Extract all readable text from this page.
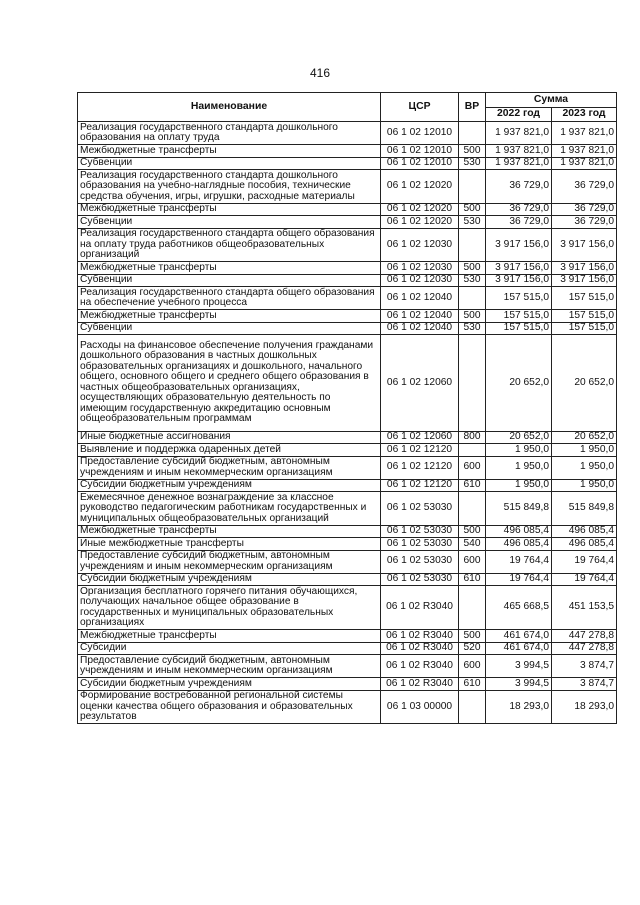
416
Наименование	ЦСР	ВР	Сумма	
			2022 год	2023 год
Реализация государственного стандарта дошкольного образования на оплату труда	06 1 02 12010		1 937 821,0	1 937 821,0
Межбюджетные трансферты	06 1 02 12010	500	1 937 821,0	1 937 821,0
Субвенции	06 1 02 12010	530	1 937 821,0	1 937 821,0
Реализация государственного стандарта дошкольного образования на учебно-наглядные пособия, технические средства обучения, игры, игрушки, расходные материалы	06 1 02 12020		36 729,0	36 729,0
Межбюджетные трансферты	06 1 02 12020	500	36 729,0	36 729,0
Субвенции	06 1 02 12020	530	36 729,0	36 729,0
Реализация государственного стандарта общего образования на оплату труда работников общеобразовательных организаций	06 1 02 12030		3 917 156,0	3 917 156,0
Межбюджетные трансферты	06 1 02 12030	500	3 917 156,0	3 917 156,0
Субвенции	06 1 02 12030	530	3 917 156,0	3 917 156,0
Реализация государственного стандарта общего образования на обеспечение учебного процесса	06 1 02 12040		157 515,0	157 515,0
Межбюджетные трансферты	06 1 02 12040	500	157 515,0	157 515,0
Субвенции	06 1 02 12040	530	157 515,0	157 515,0
Расходы на финансовое обеспечение получения гражданами дошкольного образования в частных дошкольных образовательных организациях и дошкольного, начального общего, основного общего и среднего общего образования в частных общеобразовательных организациях, осуществляющих образовательную деятельность по имеющим государственную аккредитацию основным общеобразовательным программам	06 1 02 12060		20 652,0	20 652,0
Иные бюджетные ассигнования	06 1 02 12060	800	20 652,0	20 652,0
Выявление и поддержка одаренных детей	06 1 02 12120		1 950,0	1 950,0
Предоставление субсидий бюджетным, автономным учреждениям и иным некоммерческим организациям	06 1 02 12120	600	1 950,0	1 950,0
Субсидии бюджетным учреждениям	06 1 02 12120	610	1 950,0	1 950,0
Ежемесячное денежное вознаграждение за классное руководство педагогическим работникам государственных и муниципальных общеобразовательных организаций	06 1 02 53030		515 849,8	515 849,8
Межбюджетные трансферты	06 1 02 53030	500	496 085,4	496 085,4
Иные межбюджетные трансферты	06 1 02 53030	540	496 085,4	496 085,4
Предоставление субсидий бюджетным, автономным учреждениям и иным некоммерческим организациям	06 1 02 53030	600	19 764,4	19 764,4
Субсидии бюджетным учреждениям	06 1 02 53030	610	19 764,4	19 764,4
Организация бесплатного горячего питания обучающихся, получающих начальное общее образование в государственных и муниципальных образовательных организациях	06 1 02 R3040		465 668,5	451 153,5
Межбюджетные трансферты	06 1 02 R3040	500	461 674,0	447 278,8
Субсидии	06 1 02 R3040	520	461 674,0	447 278,8
Предоставление субсидий бюджетным, автономным учреждениям и иным некоммерческим организациям	06 1 02 R3040	600	3 994,5	3 874,7
Субсидии бюджетным учреждениям	06 1 02 R3040	610	3 994,5	3 874,7
Формирование востребованной региональной системы оценки качества общего образования и образовательных результатов	06 1 03 00000		18 293,0	18 293,0
